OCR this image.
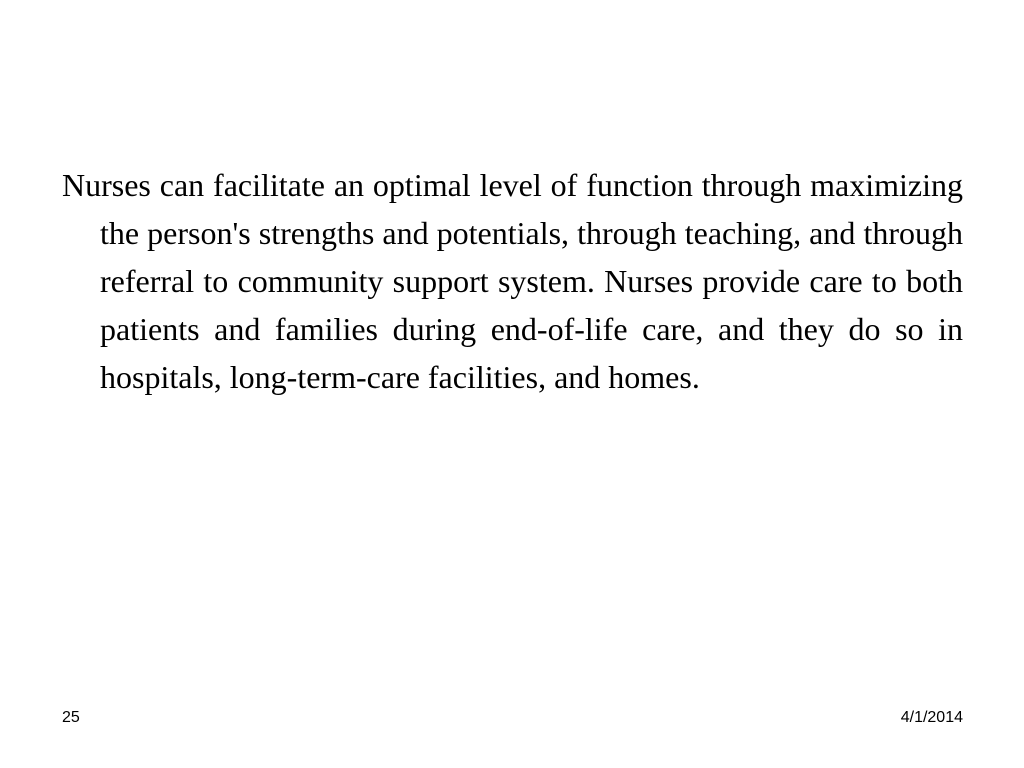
Nurses can facilitate an optimal level of function through maximizing the person's strengths and potentials, through teaching, and through referral to community support system. Nurses provide care to both patients and families during end-of-life care, and they do so in hospitals, long-term-care facilities, and homes.

25	4/1/2014
